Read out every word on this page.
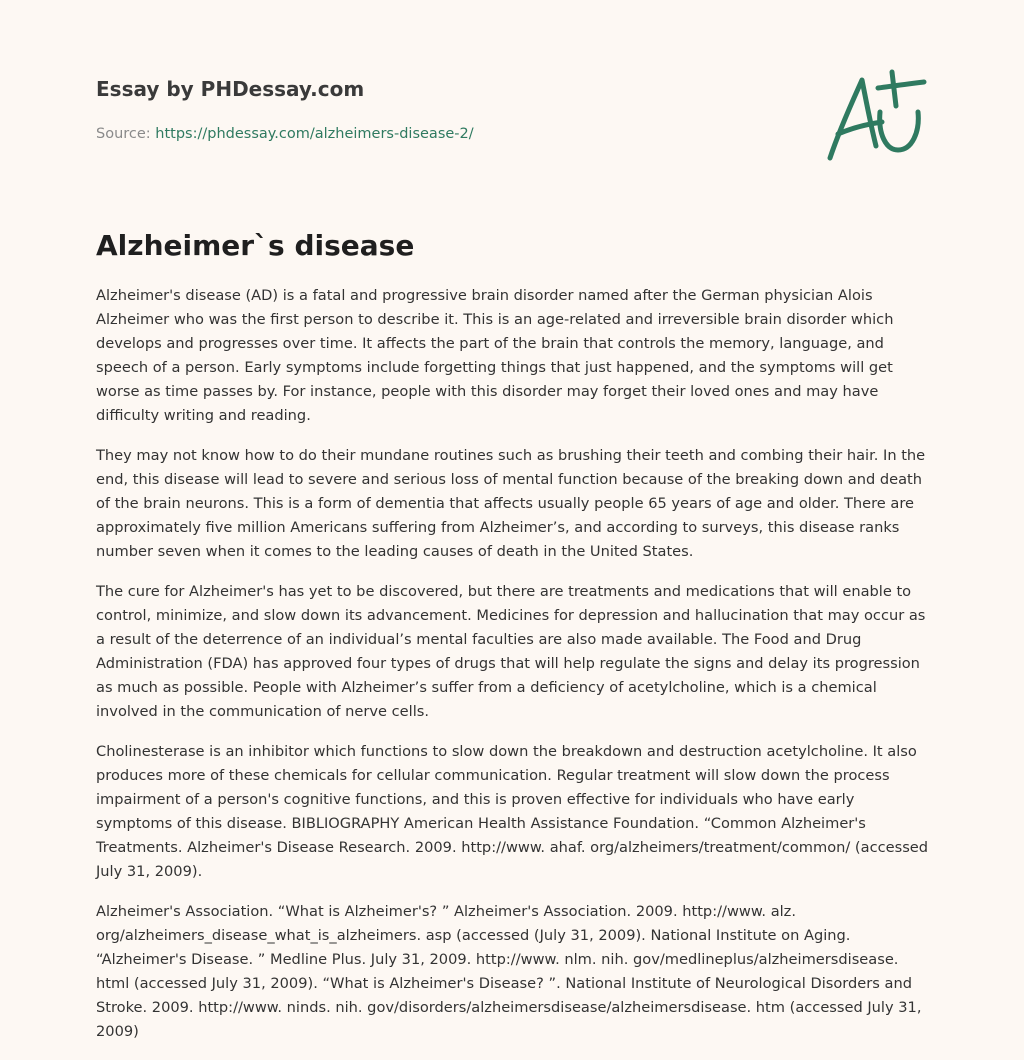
Essay by PHDessay.com
Source: https://phdessay.com/alzheimers-disease-2/
Alzheimer`s disease

Alzheimer's disease (AD) is a fatal and progressive brain disorder named after the German physician Alois Alzheimer who was the first person to describe it. This is an age-related and irreversible brain disorder which develops and progresses over time. It affects the part of the brain that controls the memory, language, and speech of a person. Early symptoms include forgetting things that just happened, and the symptoms will get worse as time passes by. For instance, people with this disorder may forget their loved ones and may have difficulty writing and reading.

They may not know how to do their mundane routines such as brushing their teeth and combing their hair. In the end, this disease will lead to severe and serious loss of mental function because of the breaking down and death of the brain neurons. This is a form of dementia that affects usually people 65 years of age and older. There are approximately five million Americans suffering from Alzheimer’s, and according to surveys, this disease ranks number seven when it comes to the leading causes of death in the United States.

The cure for Alzheimer's has yet to be discovered, but there are treatments and medications that will enable to control, minimize, and slow down its advancement. Medicines for depression and hallucination that may occur as a result of the deterrence of an individual’s mental faculties are also made available. The Food and Drug Administration (FDA) has approved four types of drugs that will help regulate the signs and delay its progression as much as possible. People with Alzheimer’s suffer from a deficiency of acetylcholine, which is a chemical involved in the communication of nerve cells.

Cholinesterase is an inhibitor which functions to slow down the breakdown and destruction acetylcholine. It also produces more of these chemicals for cellular communication. Regular treatment will slow down the process impairment of a person's cognitive functions, and this is proven effective for individuals who have early symptoms of this disease. BIBLIOGRAPHY American Health Assistance Foundation. “Common Alzheimer's Treatments. Alzheimer's Disease Research. 2009. http://www. ahaf. org/alzheimers/treatment/common/ (accessed July 31, 2009).

Alzheimer's Association. “What is Alzheimer's? ” Alzheimer's Association. 2009. http://www. alz. org/alzheimers_disease_what_is_alzheimers. asp (accessed (July 31, 2009). National Institute on Aging. “Alzheimer's Disease. ” Medline Plus. July 31, 2009. http://www. nlm. nih. gov/medlineplus/alzheimersdisease. html (accessed July 31, 2009). “What is Alzheimer's Disease? ”. National Institute of Neurological Disorders and Stroke. 2009. http://www. ninds. nih. gov/disorders/alzheimersdisease/alzheimersdisease. htm (accessed July 31, 2009)
